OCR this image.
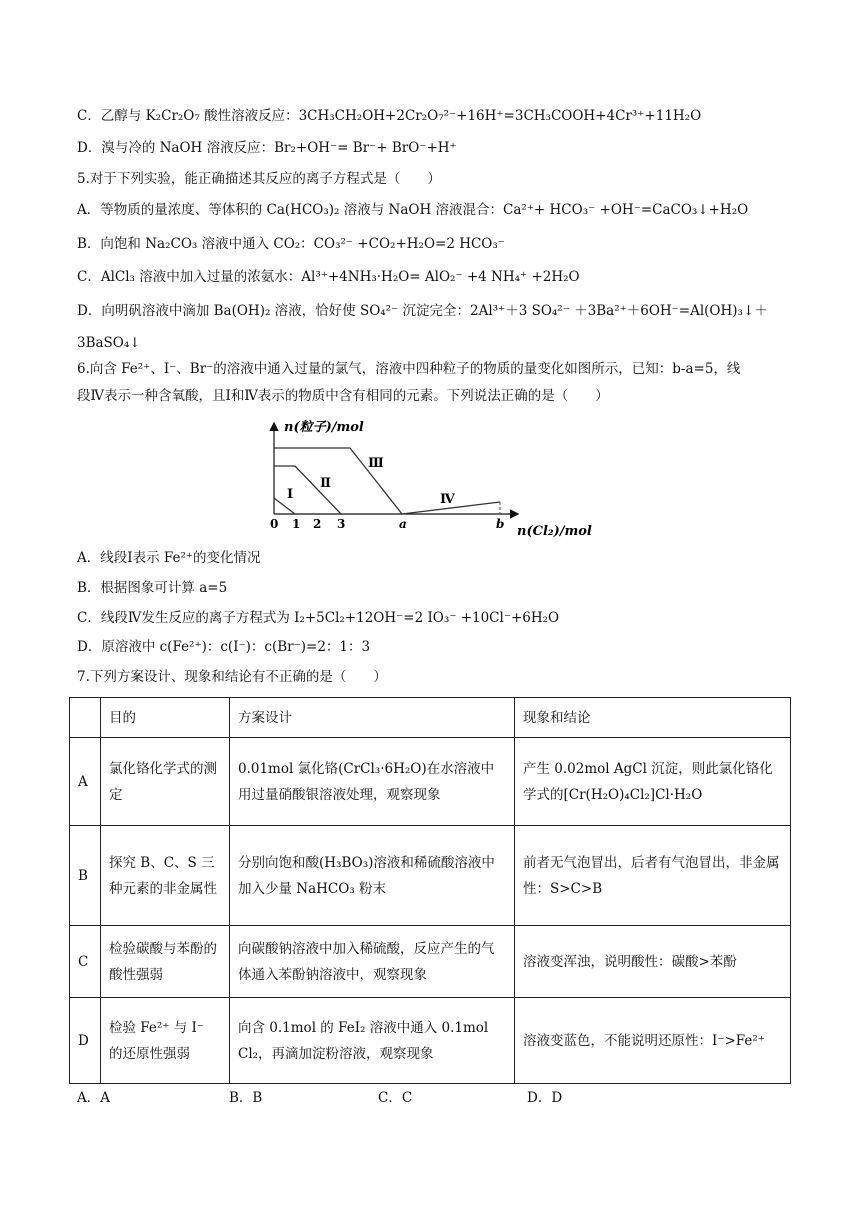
C．乙醇与 K₂Cr₂O₇ 酸性溶液反应：3CH₃CH₂OH+2Cr₂O₇²⁻+16H⁺=3CH₃COOH+4Cr³⁺+11H₂O
D．溴与冷的 NaOH 溶液反应：Br₂+OH⁻= Br⁻+ BrO⁻+H⁺
5.对于下列实验，能正确描述其反应的离子方程式是（　　）
A．等物质的量浓度、等体积的 Ca(HCO₃)₂ 溶液与 NaOH 溶液混合：Ca²⁺+ HCO₃⁻ +OH⁻=CaCO₃↓+H₂O
B．向饱和 Na₂CO₃ 溶液中通入 CO₂：CO₃²⁻ +CO₂+H₂O=2 HCO₃⁻
C．AlCl₃ 溶液中加入过量的浓氨水：Al³⁺+4NH₃·H₂O= AlO₂⁻ +4 NH₄⁺ +2H₂O
D．向明矾溶液中滴加 Ba(OH)₂ 溶液，恰好使 SO₄²⁻ 沉淀完全：2Al³⁺＋3 SO₄²⁻ ＋3Ba²⁺＋6OH⁻=Al(OH)₃↓＋
3BaSO₄↓
6.向含 Fe²⁺、I⁻、Br⁻的溶液中通入过量的氯气，溶液中四种粒子的物质的量变化如图所示，已知：b-a=5，线
段Ⅳ表示一种含氧酸，且Ⅰ和Ⅳ表示的物质中含有相同的元素。下列说法正确的是（　　）
n(粒子)/mol
n(Cl₂)/mol
Ⅰ
Ⅱ
Ⅲ
Ⅳ
0 1 2 3	a	b
A．线段Ⅰ表示 Fe²⁺的变化情况
B．根据图象可计算 a=5
C．线段Ⅳ发生反应的离子方程式为 I₂+5Cl₂+12OH⁻=2 IO₃⁻ +10Cl⁻+6H₂O
D．原溶液中 c(Fe²⁺)：c(I⁻)：c(Br⁻)=2：1：3
7.下列方案设计、现象和结论有不正确的是（　　）
	目的	方案设计	现象和结论
A	氯化铬化学式的测定	0.01mol 氯化铬(CrCl₃·6H₂O)在水溶液中用过量硝酸银溶液处理，观察现象	产生 0.02mol AgCl 沉淀，则此氯化铬化学式的[Cr(H₂O)₄Cl₂]Cl·H₂O
B	探究 B、C、S 三种元素的非金属性	分别向饱和酸(H₃BO₃)溶液和稀硫酸溶液中加入少量 NaHCO₃ 粉末	前者无气泡冒出，后者有气泡冒出，非金属性：S>C>B
C	检验碳酸与苯酚的酸性强弱	向碳酸钠溶液中加入稀硫酸，反应产生的气体通入苯酚钠溶液中，观察现象	溶液变浑浊，说明酸性：碳酸>苯酚
D	检验 Fe²⁺ 与 I⁻ 的还原性强弱	向含 0.1mol 的 FeI₂ 溶液中通入 0.1mol Cl₂，再滴加淀粉溶液，观察现象	溶液变蓝色，不能说明还原性：I⁻>Fe²⁺
A．A	B．B	C．C	D．D
